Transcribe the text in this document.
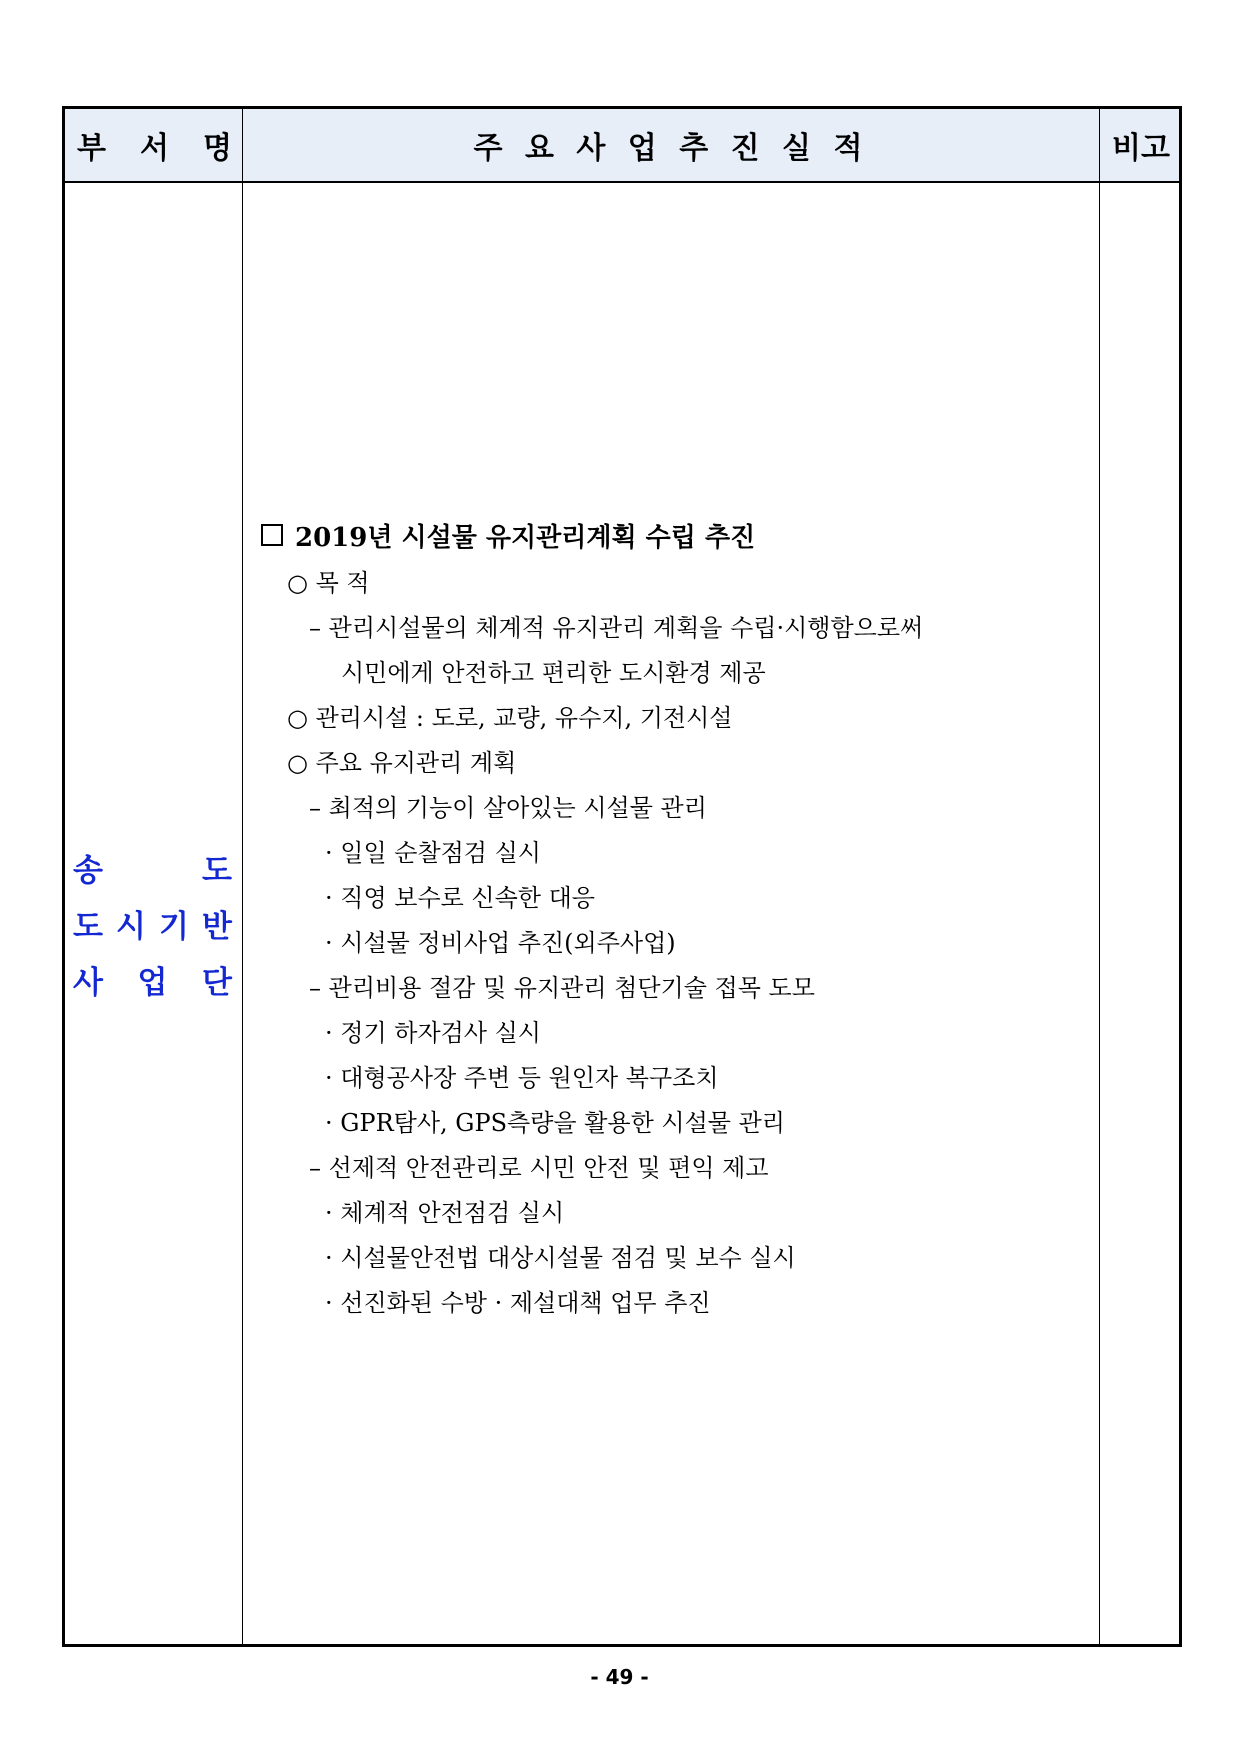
부 서 명	주 요 사 업 추 진 실 적	비고
송	도
도 시 기 반
사 업 단
2019년 시설물 유지관리계획 수립 추진
○ 목 적
– 관리시설물의 체계적 유지관리 계획을 수립·시행함으로써
시민에게 안전하고 편리한 도시환경 제공
○ 관리시설 : 도로, 교량, 유수지, 기전시설
○ 주요 유지관리 계획
– 최적의 기능이 살아있는 시설물 관리
· 일일 순찰점검 실시
· 직영 보수로 신속한 대응
· 시설물 정비사업 추진(외주사업)
– 관리비용 절감 및 유지관리 첨단기술 접목 도모
· 정기 하자검사 실시
· 대형공사장 주변 등 원인자 복구조치
· GPR탐사, GPS측량을 활용한 시설물 관리
– 선제적 안전관리로 시민 안전 및 편익 제고
· 체계적 안전점검 실시
· 시설물안전법 대상시설물 점검 및 보수 실시
· 선진화된 수방 · 제설대책 업무 추진
- 49 -
